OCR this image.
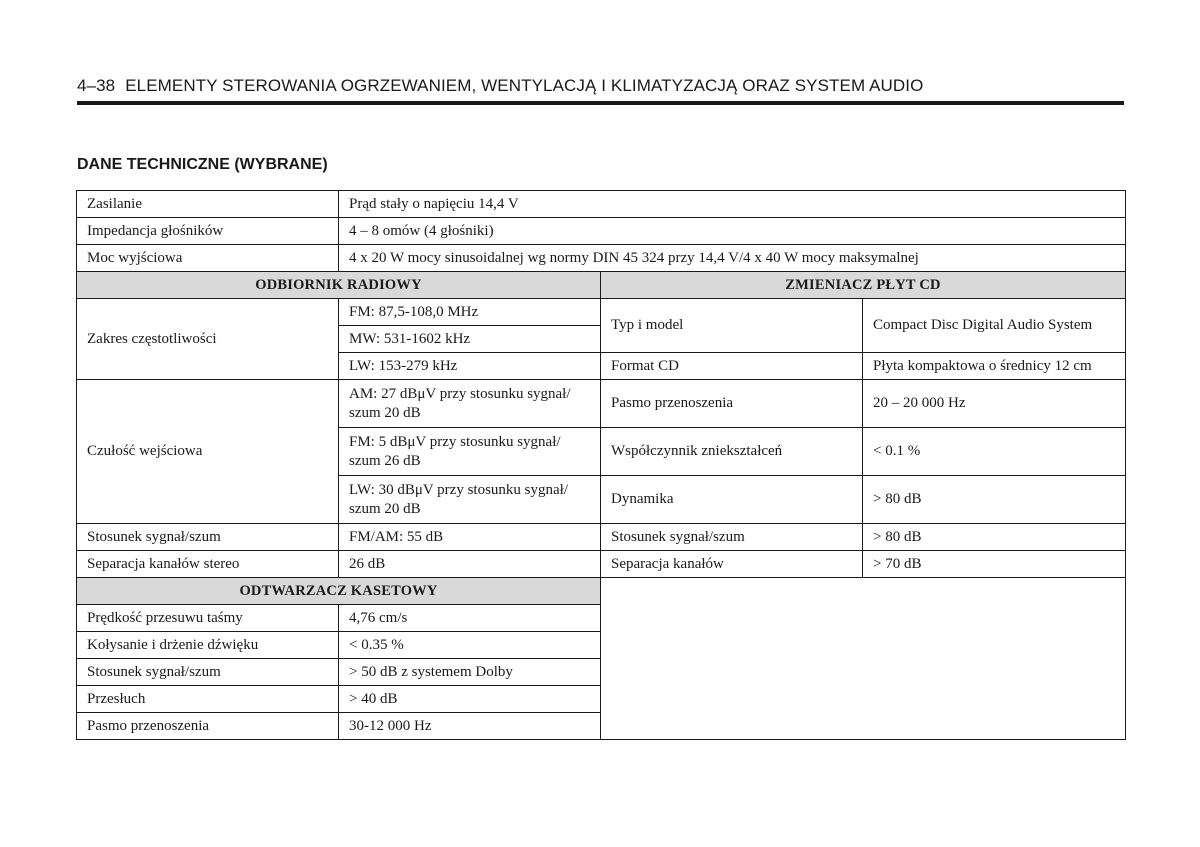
4–38 ELEMENTY STEROWANIA OGRZEWANIEM, WENTYLACJĄ I KLIMATYZACJĄ ORAZ SYSTEM AUDIO
DANE TECHNICZNE (WYBRANE)
Zasilanie	Prąd stały o napięciu 14,4 V		
Impedancja głośników	4 – 8 omów (4 głośniki)		
Moc wyjściowa	4 x 20 W mocy sinusoidalnej wg normy DIN 45 324 przy 14,4 V/4 x 40 W mocy maksymalnej		
ODBIORNIK RADIOWY		ZMIENIACZ PŁYT CD	
Zakres częstotliwości	FM: 87,5-108,0 MHz	Typ i model	Compact Disc Digital Audio System
	MW: 531-1602 kHz		
	LW: 153-279 kHz	Format CD	Płyta kompaktowa o średnicy 12 cm
Czułość wejściowa	AM: 27 dBμV przy stosunku sygnał/ szum 20 dB	Pasmo przenoszenia	20 – 20 000 Hz
	FM: 5 dBμV przy stosunku sygnał/ szum 26 dB	Współczynnik zniekształceń	< 0.1 %
	LW: 30 dBμV przy stosunku sygnał/ szum 20 dB	Dynamika	> 80 dB
Stosunek sygnał/szum	FM/AM: 55 dB	Stosunek sygnał/szum	> 80 dB
Separacja kanałów stereo	26 dB	Separacja kanałów	> 70 dB
ODTWARZACZ KASETOWY			
Prędkość przesuwu taśmy	4,76 cm/s		
Kołysanie i drżenie dźwięku	< 0.35 %		
Stosunek sygnał/szum	> 50 dB z systemem Dolby		
Przesłuch	> 40 dB		
Pasmo przenoszenia	30-12 000 Hz		
